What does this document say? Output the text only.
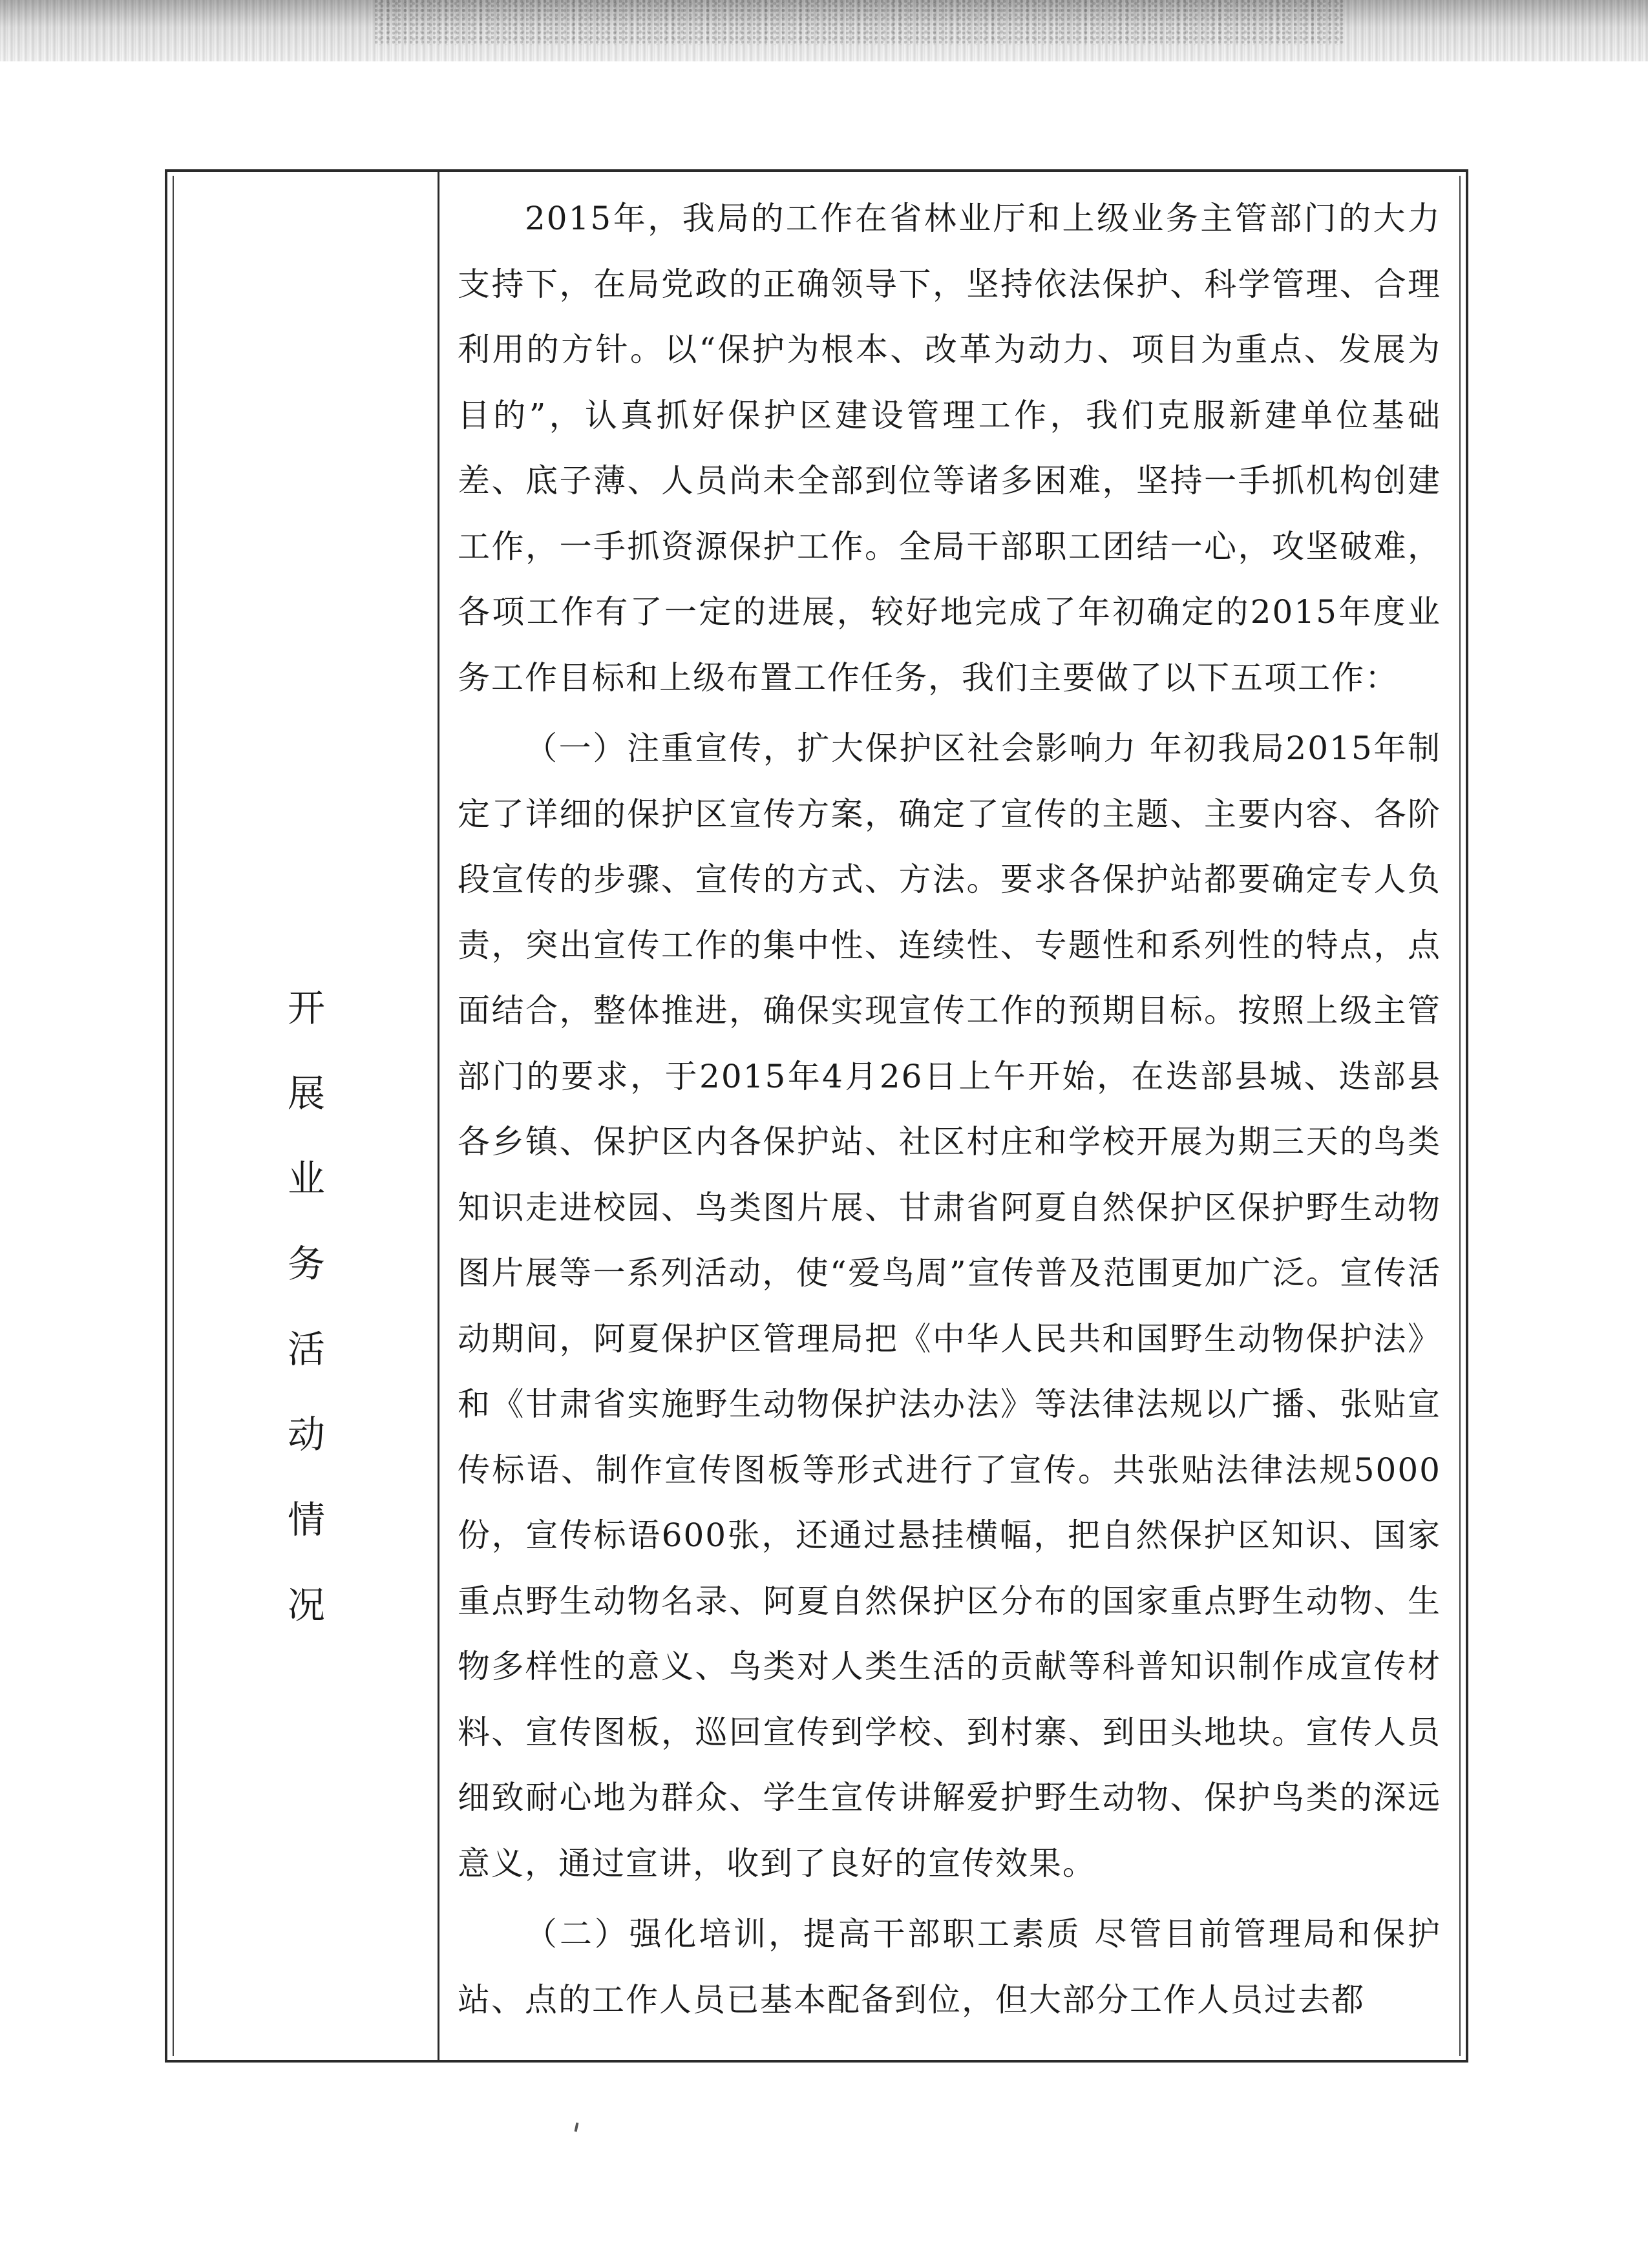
开
展
业
务
活
动
情
况

2015年，我局的工作在省林业厅和上级业务主管部门的大力支持下，在局党政的正确领导下，坚持依法保护、科学管理、合理利用的方针。以“保护为根本、改革为动力、项目为重点、发展为目的”，认真抓好保护区建设管理工作，我们克服新建单位基础差、底子薄、人员尚未全部到位等诸多困难，坚持一手抓机构创建工作，一手抓资源保护工作。全局干部职工团结一心，攻坚破难，各项工作有了一定的进展，较好地完成了年初确定的2015年度业务工作目标和上级布置工作任务，我们主要做了以下五项工作：

（一）注重宣传，扩大保护区社会影响力 年初我局2015年制定了详细的保护区宣传方案，确定了宣传的主题、主要内容、各阶段宣传的步骤、宣传的方式、方法。要求各保护站都要确定专人负责，突出宣传工作的集中性、连续性、专题性和系列性的特点，点面结合，整体推进，确保实现宣传工作的预期目标。按照上级主管部门的要求，于2015年4月26日上午开始，在迭部县城、迭部县各乡镇、保护区内各保护站、社区村庄和学校开展为期三天的鸟类知识走进校园、鸟类图片展、甘肃省阿夏自然保护区保护野生动物图片展等一系列活动，使“爱鸟周”宣传普及范围更加广泛。宣传活动期间，阿夏保护区管理局把《中华人民共和国野生动物保护法》和《甘肃省实施野生动物保护法办法》等法律法规以广播、张贴宣传标语、制作宣传图板等形式进行了宣传。共张贴法律法规5000份，宣传标语600张，还通过悬挂横幅，把自然保护区知识、国家重点野生动物名录、阿夏自然保护区分布的国家重点野生动物、生物多样性的意义、鸟类对人类生活的贡献等科普知识制作成宣传材料、宣传图板，巡回宣传到学校、到村寨、到田头地块。宣传人员细致耐心地为群众、学生宣传讲解爱护野生动物、保护鸟类的深远意义，通过宣讲，收到了良好的宣传效果。

（二）强化培训，提高干部职工素质 尽管目前管理局和保护站、点的工作人员已基本配备到位，但大部分工作人员过去都
